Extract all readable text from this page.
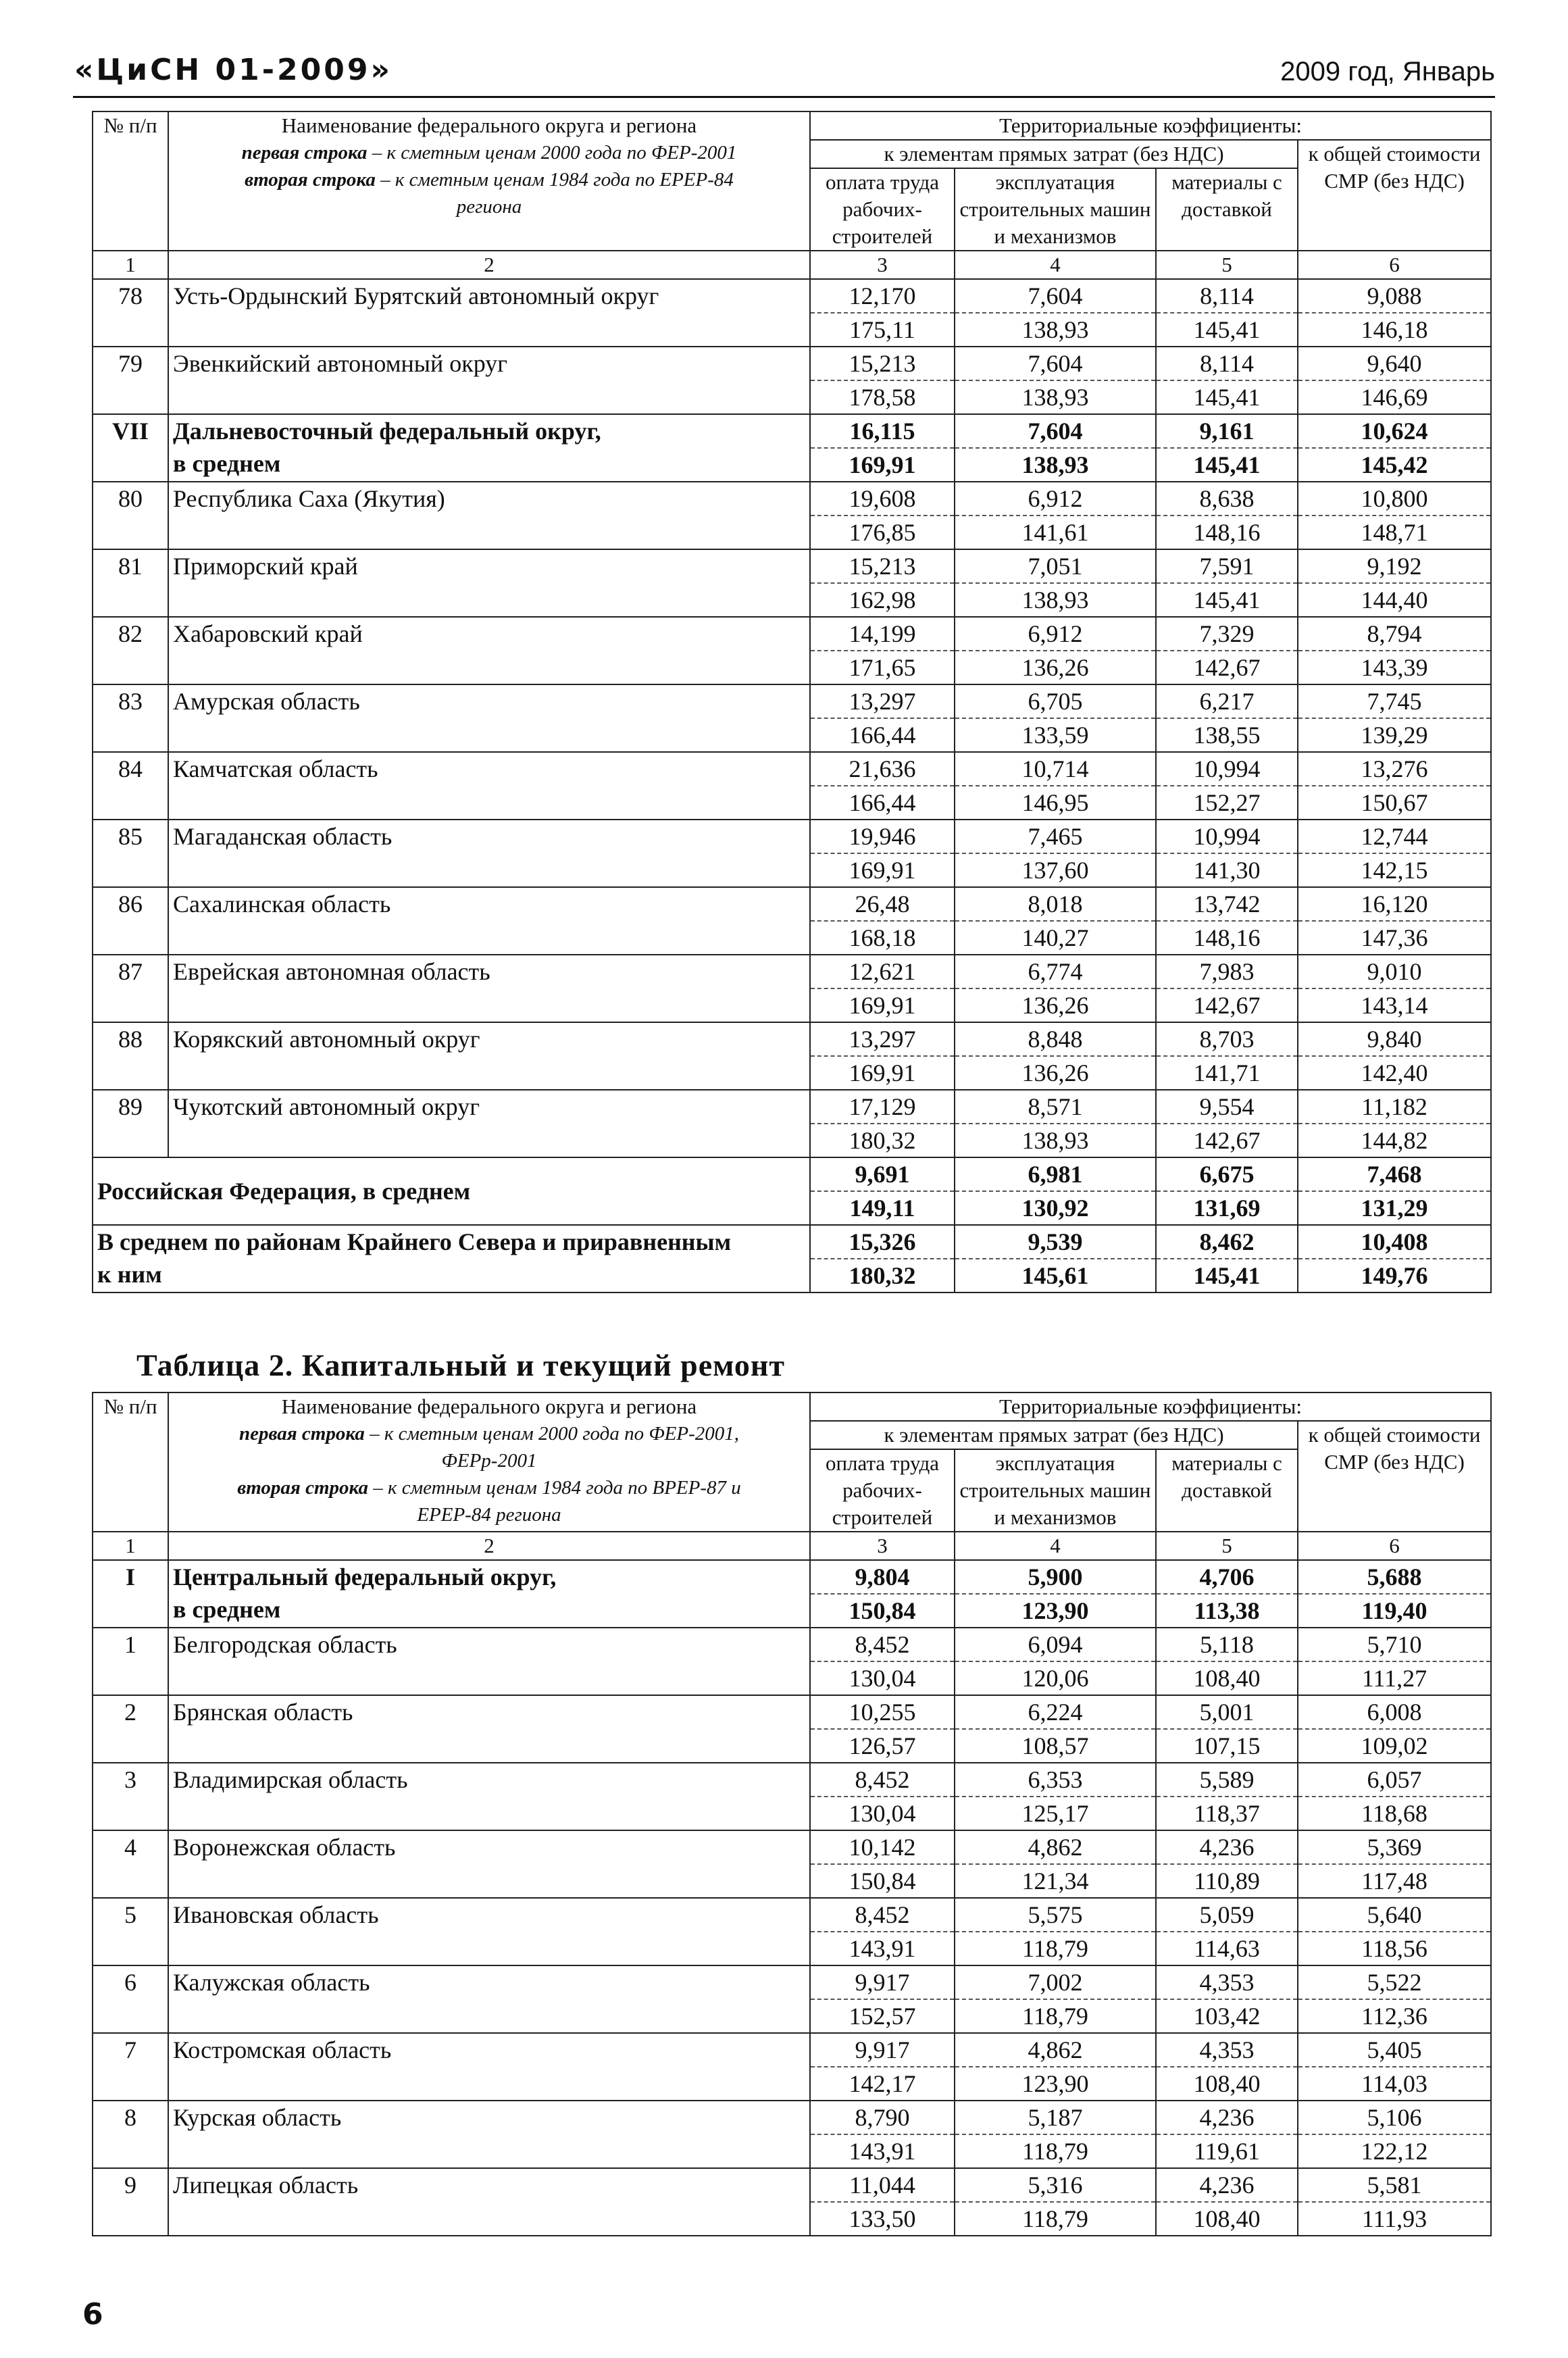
«ЦиСН 01-2009»	2009 год, Январь
№ п/п	Наименование федерального округа и региона
первая строка – к сметным ценам 2000 года по ФЕР-2001
вторая строка – к сметным ценам 1984 года по ЕРЕР-84
региона	Территориальные коэффициенты:			
		к элементам прямых затрат (без НДС)			к общей стоимости СМР (без НДС)
		оплата труда рабочих-строителей	эксплуатация строительных машин и механизмов	материалы с доставкой	
1	2	3	4	5	6
78	Усть-Ордынский Бурятский автономный округ	12,170	7,604	8,114	9,088
		175,11	138,93	145,41	146,18
79	Эвенкийский автономный округ	15,213	7,604	8,114	9,640
		178,58	138,93	145,41	146,69
VII	Дальневосточный федеральный округ,
в среднем	16,115	7,604	9,161	10,624
		169,91	138,93	145,41	145,42
80	Республика Саха (Якутия)	19,608	6,912	8,638	10,800
		176,85	141,61	148,16	148,71
81	Приморский край	15,213	7,051	7,591	9,192
		162,98	138,93	145,41	144,40
82	Хабаровский край	14,199	6,912	7,329	8,794
		171,65	136,26	142,67	143,39
83	Амурская область	13,297	6,705	6,217	7,745
		166,44	133,59	138,55	139,29
84	Камчатская область	21,636	10,714	10,994	13,276
		166,44	146,95	152,27	150,67
85	Магаданская область	19,946	7,465	10,994	12,744
		169,91	137,60	141,30	142,15
86	Сахалинская область	26,48	8,018	13,742	16,120
		168,18	140,27	148,16	147,36
87	Еврейская автономная область	12,621	6,774	7,983	9,010
		169,91	136,26	142,67	143,14
88	Корякский автономный округ	13,297	8,848	8,703	9,840
		169,91	136,26	141,71	142,40
89	Чукотский автономный округ	17,129	8,571	9,554	11,182
		180,32	138,93	142,67	144,82
Российская Федерация, в среднем		9,691	6,981	6,675	7,468
		149,11	130,92	131,69	131,29

В среднем по районам Крайнего Севера и приравненным
к ним		15,326	9,539	8,462	10,408
		180,32	145,61	145,41	149,76
Таблица 2. Капитальный и текущий ремонт
№ п/п	Наименование федерального округа и региона
первая строка – к сметным ценам 2000 года по ФЕР-2001,
ФЕРр-2001
вторая строка – к сметным ценам 1984 года по ВРЕР-87 и
ЕРЕР-84 региона	Территориальные коэффициенты:			
		к элементам прямых затрат (без НДС)			к общей стоимости СМР (без НДС)
		оплата труда рабочих-строителей	эксплуатация строительных машин и механизмов	материалы с доставкой	
1	2	3	4	5	6
I	Центральный федеральный округ,
в среднем	9,804	5,900	4,706	5,688
		150,84	123,90	113,38	119,40
1	Белгородская область	8,452	6,094	5,118	5,710
		130,04	120,06	108,40	111,27
2	Брянская область	10,255	6,224	5,001	6,008
		126,57	108,57	107,15	109,02
3	Владимирская область	8,452	6,353	5,589	6,057
		130,04	125,17	118,37	118,68
4	Воронежская область	10,142	4,862	4,236	5,369
		150,84	121,34	110,89	117,48
5	Ивановская область	8,452	5,575	5,059	5,640
		143,91	118,79	114,63	118,56
6	Калужская область	9,917	7,002	4,353	5,522
		152,57	118,79	103,42	112,36
7	Костромская область	9,917	4,862	4,353	5,405
		142,17	123,90	108,40	114,03
8	Курская область	8,790	5,187	4,236	5,106
		143,91	118,79	119,61	122,12
9	Липецкая область	11,044	5,316	4,236	5,581
		133,50	118,79	108,40	111,93
6
